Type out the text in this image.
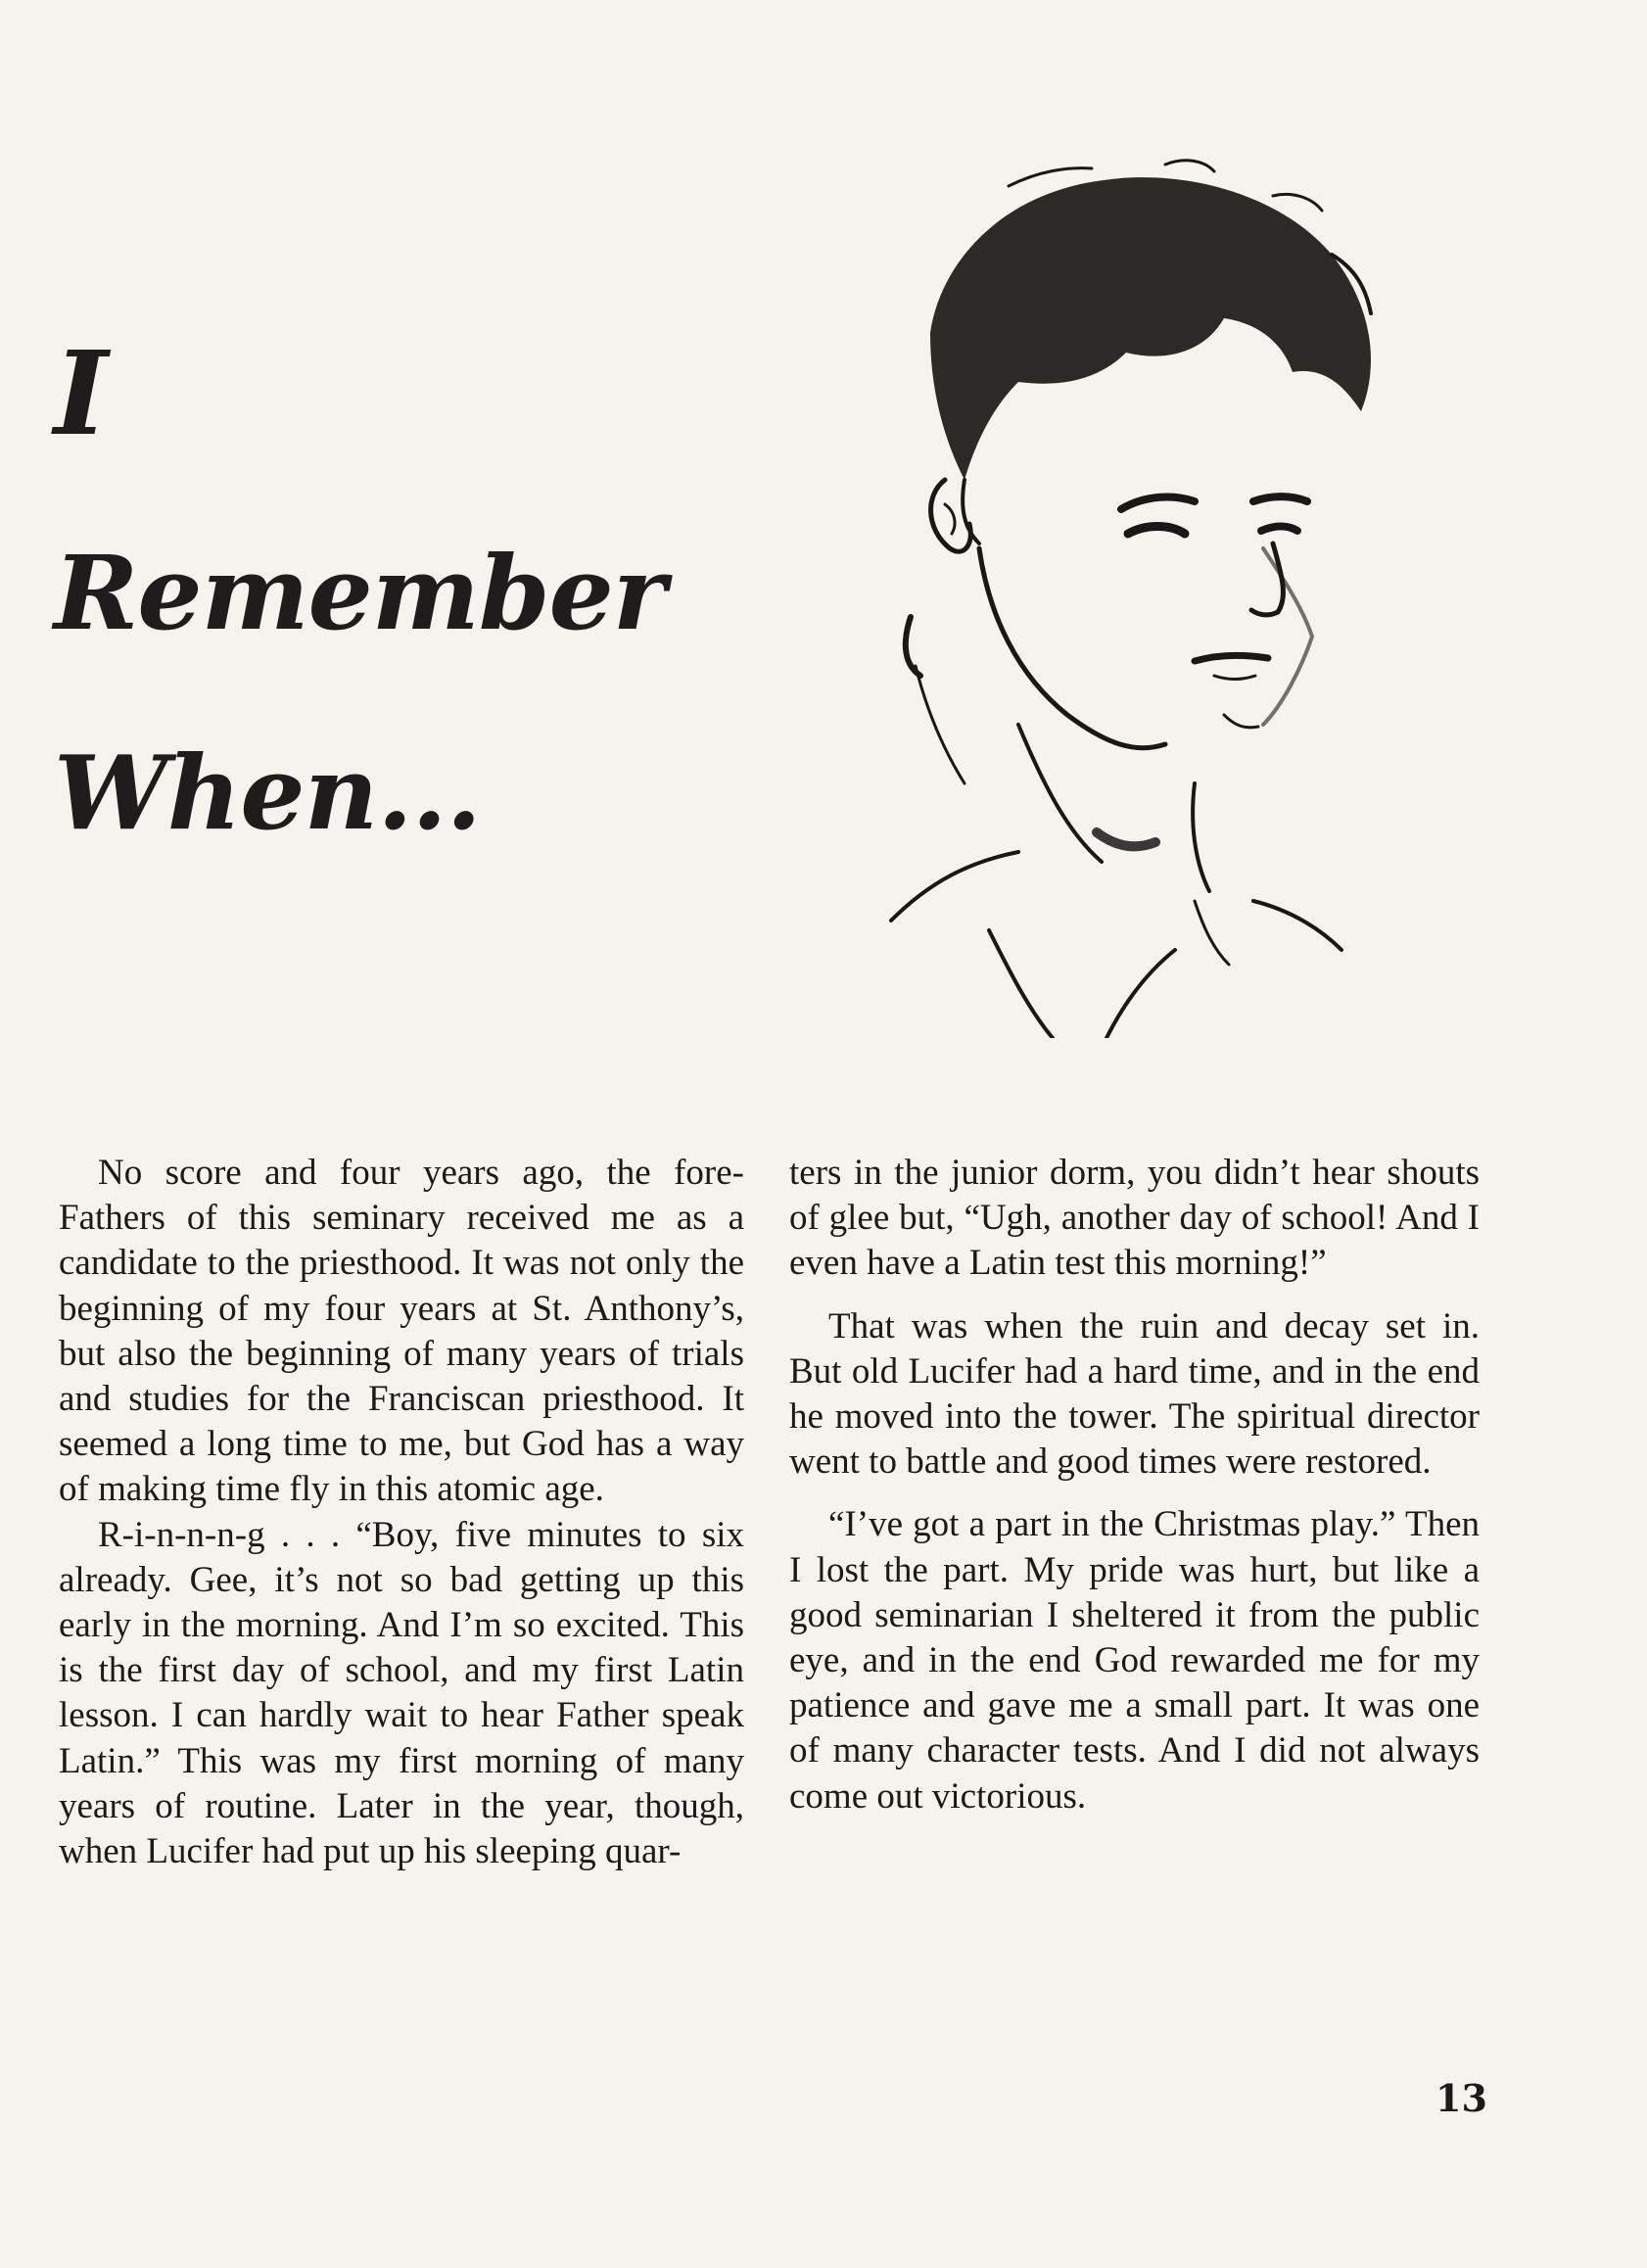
I
Remember
When...

No score and four years ago, the fore-Fathers of this seminary received me as a candidate to the priesthood. It was not only the beginning of my four years at St. Anthony’s, but also the beginning of many years of trials and studies for the Franciscan priesthood. It seemed a long time to me, but God has a way of making time fly in this atomic age.

R-i-n-n-n-g . . . “Boy, five minutes to six already. Gee, it’s not so bad getting up this early in the morning. And I’m so excited. This is the first day of school, and my first Latin lesson. I can hardly wait to hear Father speak Latin.” This was my first morning of many years of routine. Later in the year, though, when Lucifer had put up his sleeping quar-

ters in the junior dorm, you didn’t hear shouts of glee but, “Ugh, another day of school! And I even have a Latin test this morning!”

That was when the ruin and decay set in. But old Lucifer had a hard time, and in the end he moved into the tower. The spiritual director went to battle and good times were restored.

“I’ve got a part in the Christmas play.” Then I lost the part. My pride was hurt, but like a good seminarian I sheltered it from the public eye, and in the end God rewarded me for my patience and gave me a small part. It was one of many character tests. And I did not always come out victorious.

13
